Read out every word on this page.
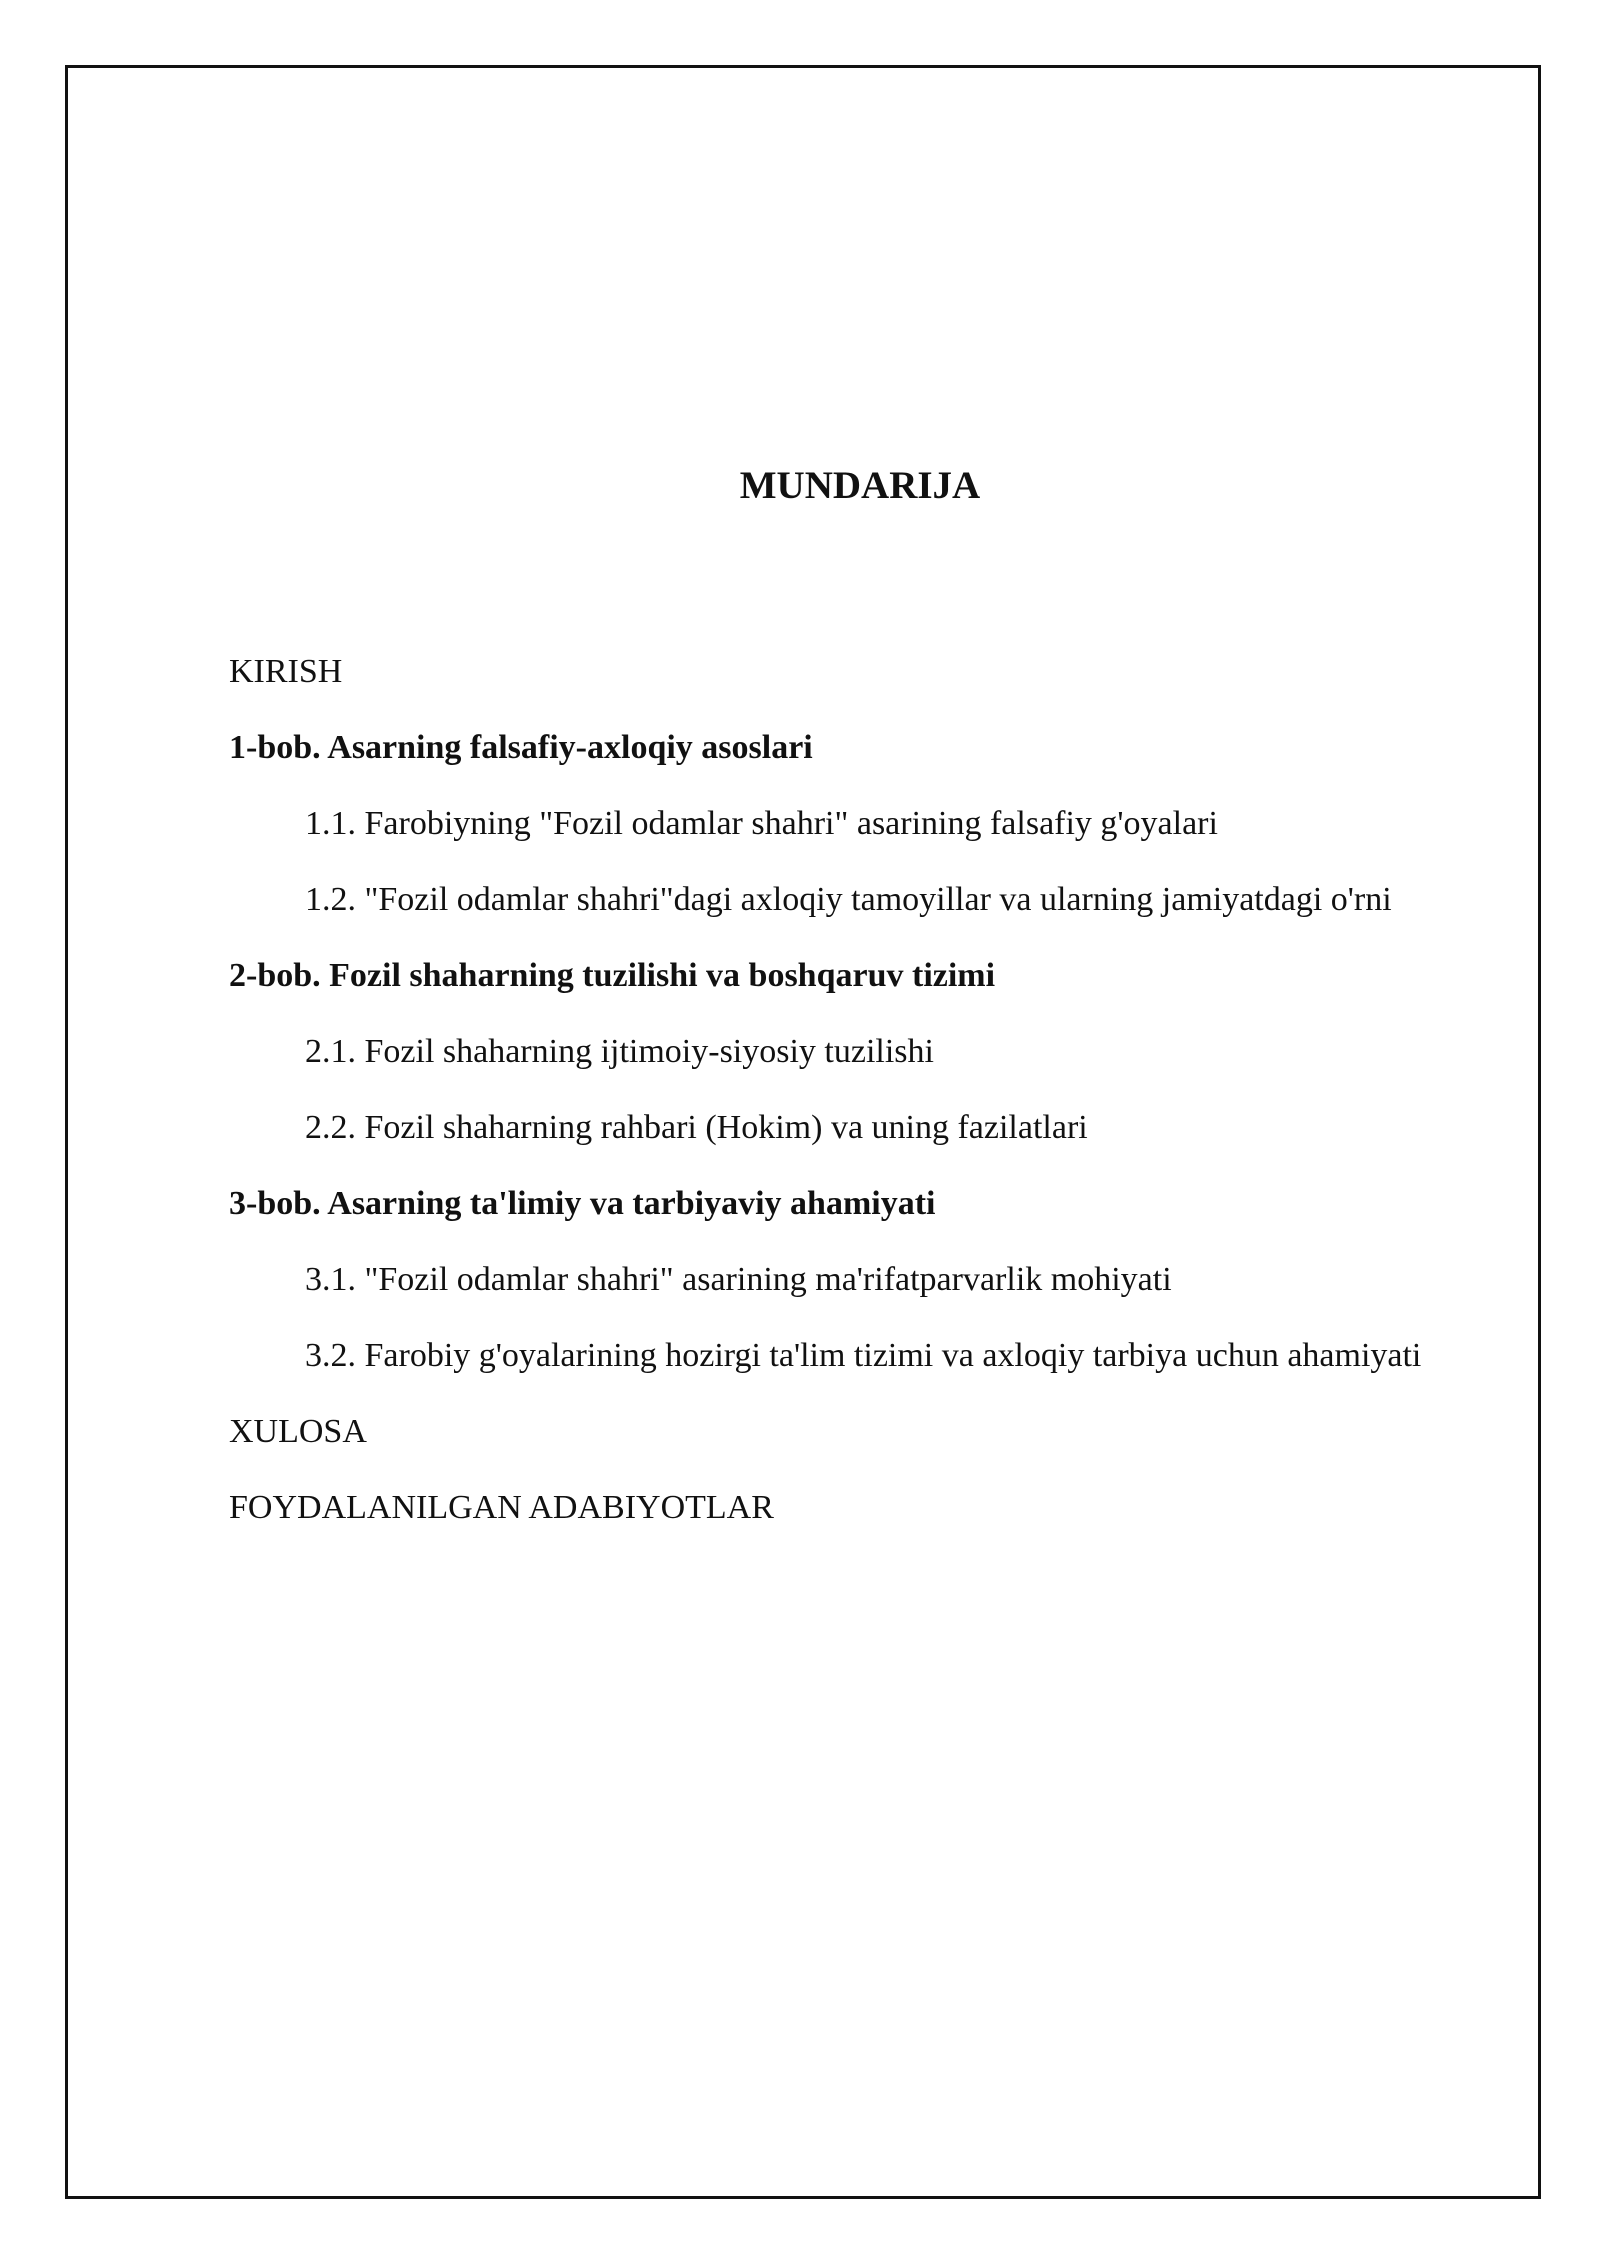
MUNDARIJA
KIRISH
1-bob. Asarning falsafiy-axloqiy asoslari
1.1. Farobiyning "Fozil odamlar shahri" asarining falsafiy g'oyalari
1.2. "Fozil odamlar shahri"dagi axloqiy tamoyillar va ularning jamiyatdagi o'rni
2-bob. Fozil shaharning tuzilishi va boshqaruv tizimi
2.1. Fozil shaharning ijtimoiy-siyosiy tuzilishi
2.2. Fozil shaharning rahbari (Hokim) va uning fazilatlari
3-bob. Asarning ta'limiy va tarbiyaviy ahamiyati
3.1. "Fozil odamlar shahri" asarining ma'rifatparvarlik mohiyati
3.2. Farobiy g'oyalarining hozirgi ta'lim tizimi va axloqiy tarbiya uchun ahamiyati
XULOSA
FOYDALANILGAN ADABIYOTLAR
